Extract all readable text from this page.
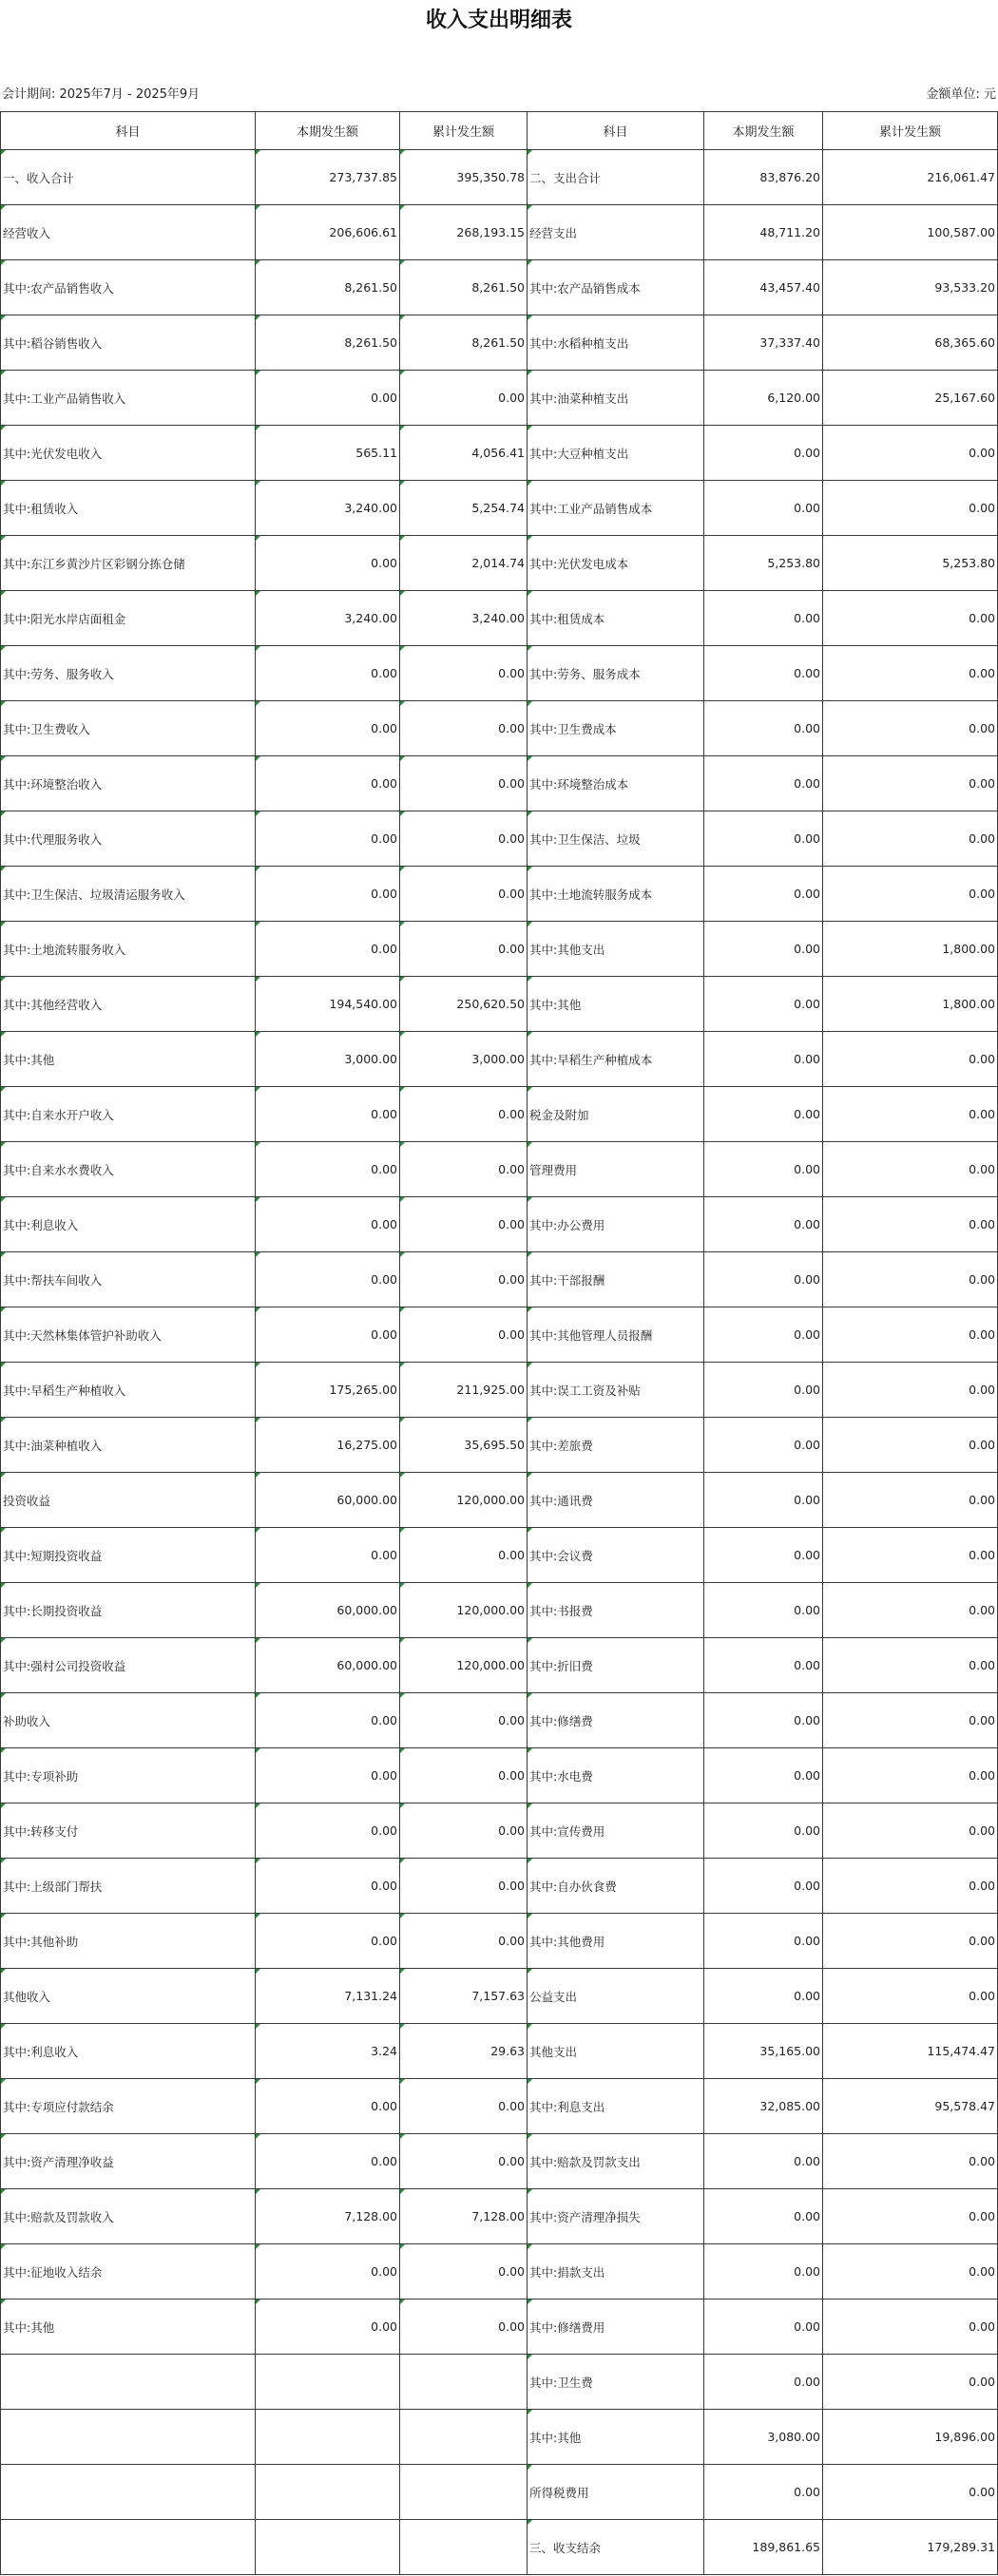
收入支出明细表
会计期间: 2025年7月 - 2025年9月	金额单位: 元
科目	本期发生额	累计发生额	科目	本期发生额	累计发生额
一、收入合计	273,737.85	395,350.78	二、支出合计	83,876.20	216,061.47
经营收入	206,606.61	268,193.15	经营支出	48,711.20	100,587.00
其中:农产品销售收入	8,261.50	8,261.50	其中:农产品销售成本	43,457.40	93,533.20
其中:稻谷销售收入	8,261.50	8,261.50	其中:水稻种植支出	37,337.40	68,365.60
其中:工业产品销售收入	0.00	0.00	其中:油菜种植支出	6,120.00	25,167.60
其中:光伏发电收入	565.11	4,056.41	其中:大豆种植支出	0.00	0.00
其中:租赁收入	3,240.00	5,254.74	其中:工业产品销售成本	0.00	0.00
其中:东江乡黄沙片区彩钢分拣仓储	0.00	2,014.74	其中:光伏发电成本	5,253.80	5,253.80
其中:阳光水岸店面租金	3,240.00	3,240.00	其中:租赁成本	0.00	0.00
其中:劳务、服务收入	0.00	0.00	其中:劳务、服务成本	0.00	0.00
其中:卫生费收入	0.00	0.00	其中:卫生费成本	0.00	0.00
其中:环境整治收入	0.00	0.00	其中:环境整治成本	0.00	0.00
其中:代理服务收入	0.00	0.00	其中:卫生保洁、垃圾	0.00	0.00
其中:卫生保洁、垃圾清运服务收入	0.00	0.00	其中:土地流转服务成本	0.00	0.00
其中:土地流转服务收入	0.00	0.00	其中:其他支出	0.00	1,800.00
其中:其他经营收入	194,540.00	250,620.50	其中:其他	0.00	1,800.00
其中:其他	3,000.00	3,000.00	其中:早稻生产种植成本	0.00	0.00
其中:自来水开户收入	0.00	0.00	税金及附加	0.00	0.00
其中:自来水水费收入	0.00	0.00	管理费用	0.00	0.00
其中:利息收入	0.00	0.00	其中:办公费用	0.00	0.00
其中:帮扶车间收入	0.00	0.00	其中:干部报酬	0.00	0.00
其中:天然林集体管护补助收入	0.00	0.00	其中:其他管理人员报酬	0.00	0.00
其中:早稻生产种植收入	175,265.00	211,925.00	其中:误工工资及补贴	0.00	0.00
其中:油菜种植收入	16,275.00	35,695.50	其中:差旅费	0.00	0.00
投资收益	60,000.00	120,000.00	其中:通讯费	0.00	0.00
其中:短期投资收益	0.00	0.00	其中:会议费	0.00	0.00
其中:长期投资收益	60,000.00	120,000.00	其中:书报费	0.00	0.00
其中:强村公司投资收益	60,000.00	120,000.00	其中:折旧费	0.00	0.00
补助收入	0.00	0.00	其中:修缮费	0.00	0.00
其中:专项补助	0.00	0.00	其中:水电费	0.00	0.00
其中:转移支付	0.00	0.00	其中:宣传费用	0.00	0.00
其中:上级部门帮扶	0.00	0.00	其中:自办伙食费	0.00	0.00
其中:其他补助	0.00	0.00	其中:其他费用	0.00	0.00
其他收入	7,131.24	7,157.63	公益支出	0.00	0.00
其中:利息收入	3.24	29.63	其他支出	35,165.00	115,474.47
其中:专项应付款结余	0.00	0.00	其中:利息支出	32,085.00	95,578.47
其中:资产清理净收益	0.00	0.00	其中:赔款及罚款支出	0.00	0.00
其中:赔款及罚款收入	7,128.00	7,128.00	其中:资产清理净损失	0.00	0.00
其中:征地收入结余	0.00	0.00	其中:捐款支出	0.00	0.00
其中:其他	0.00	0.00	其中:修缮费用	0.00	0.00
			其中:卫生费	0.00	0.00
			其中:其他	3,080.00	19,896.00
			所得税费用	0.00	0.00
			三、收支结余	189,861.65	179,289.31
